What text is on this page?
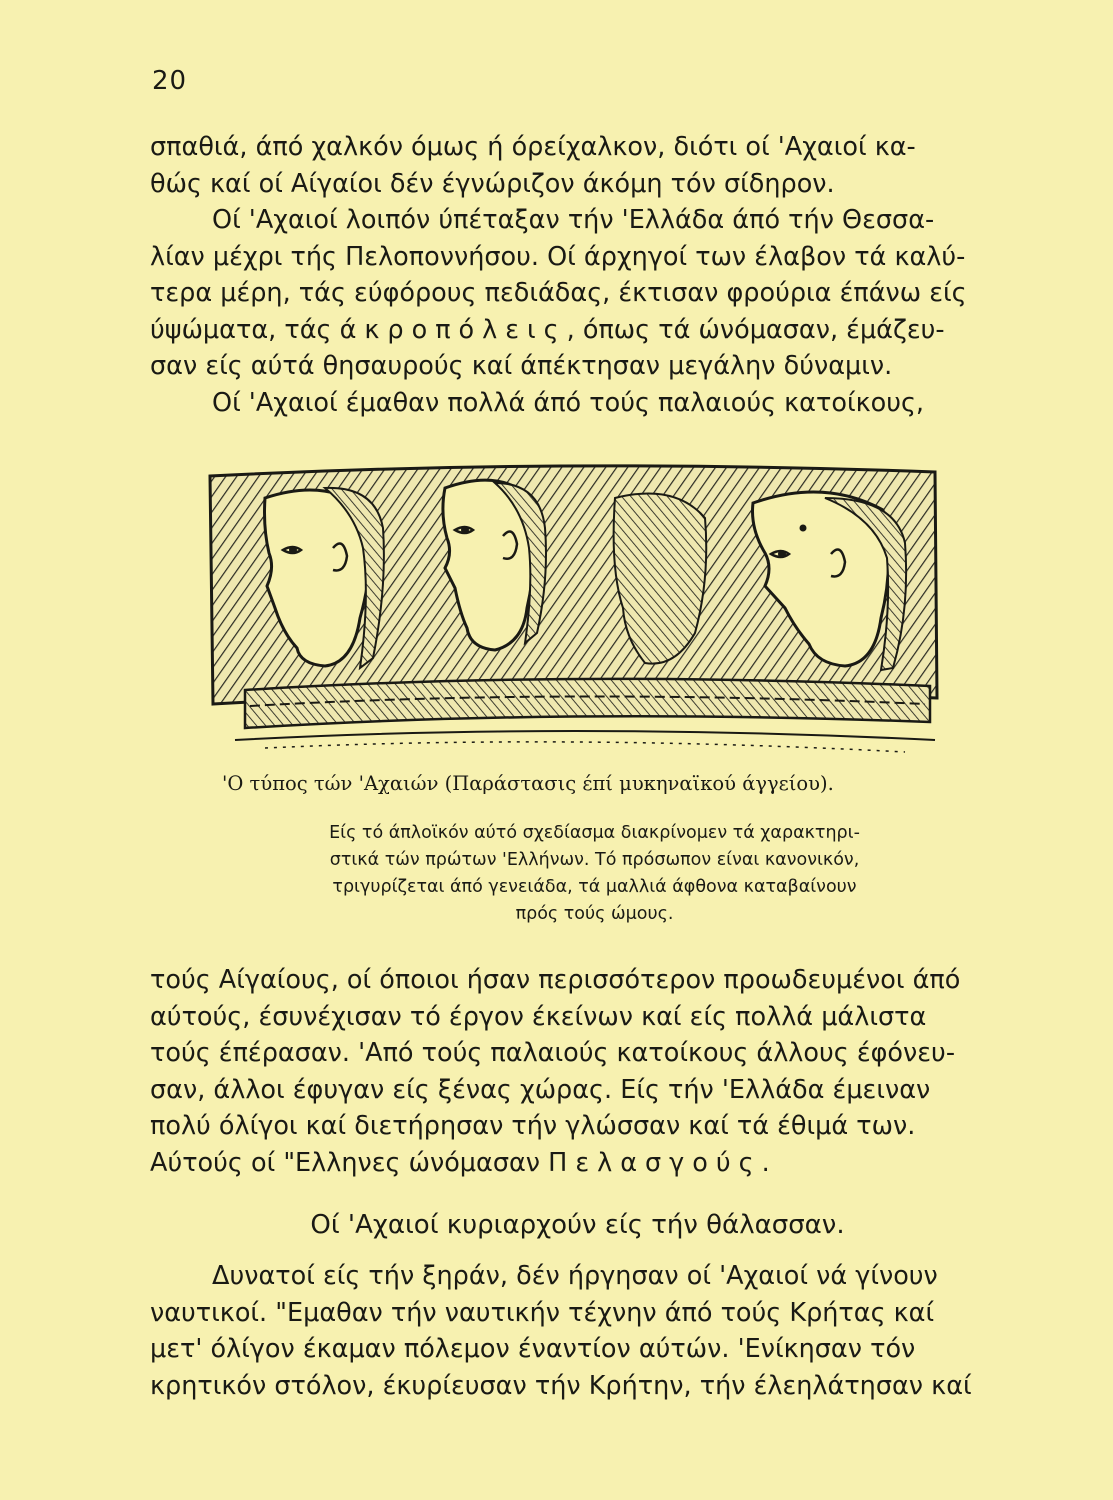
20

σπαθιά, άπό χαλκόν όμως ή όρείχαλκον, διότι οί 'Αχαιοί κα-

θώς καί οί Αίγαίοι δέν έγνώριζον άκόμη τόν σίδηρον.

Οί 'Αχαιοί λοιπόν ύπέταξαν τήν 'Ελλάδα άπό τήν Θεσσα-

λίαν μέχρι τής Πελοποννήσου. Οί άρχηγοί των έλαβον τά καλύ-

τερα μέρη, τάς εύφόρους πεδιάδας, έκτισαν φρούρια έπάνω είς

ύψώματα, τάς άκροπόλεις, όπως τά ώνόμασαν, έμάζευ-

σαν είς αύτά θησαυρούς καί άπέκτησαν μεγάλην δύναμιν.

Οί 'Αχαιοί έμαθαν πολλά άπό τούς παλαιούς κατοίκους,

'Ο τύπος τών 'Αχαιών (Παράστασις έπί μυκηναϊκού άγγείου).
Είς τό άπλοϊκόν αύτό σχεδίασμα διακρίνομεν τά χαρακτηρι-
στικά τών πρώτων 'Ελλήνων. Τό πρόσωπον είναι κανονικόν,
τριγυρίζεται άπό γενειάδα, τά μαλλιά άφθονα καταβαίνουν
πρός τούς ώμους.

τούς Αίγαίους, οί όποιοι ήσαν περισσότερον προωδευμένοι άπό

αύτούς, έσυνέχισαν τό έργον έκείνων καί είς πολλά μάλιστα

τούς έπέρασαν. 'Από τούς παλαιούς κατοίκους άλλους έφόνευ-

σαν, άλλοι έφυγαν είς ξένας χώρας. Είς τήν 'Ελλάδα έμειναν

πολύ όλίγοι καί διετήρησαν τήν γλώσσαν καί τά έθιμά των.

Αύτούς οί "Ελληνες ώνόμασαν Πελασγούς.

Οί 'Αχαιοί κυριαρχούν είς τήν θάλασσαν.

Δυνατοί είς τήν ξηράν, δέν ήργησαν οί 'Αχαιοί νά γίνουν

ναυτικοί. "Εμαθαν τήν ναυτικήν τέχνην άπό τούς Κρήτας καί

μετ' όλίγον έκαμαν πόλεμον έναντίον αύτών. 'Ενίκησαν τόν

κρητικόν στόλον, έκυρίευσαν τήν Κρήτην, τήν έλεηλάτησαν καί
